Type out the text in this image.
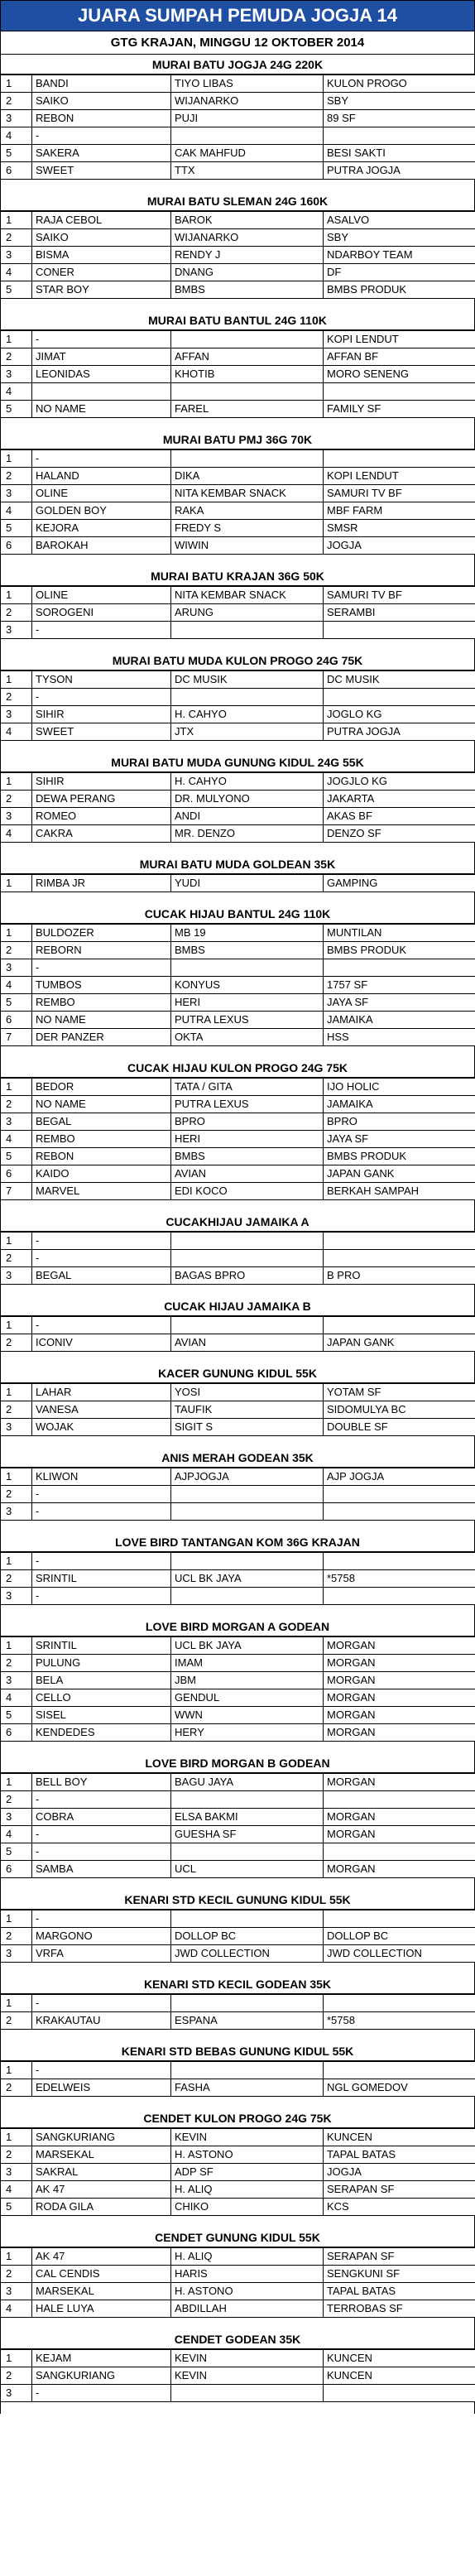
JUARA SUMPAH PEMUDA JOGJA 14
GTG KRAJAN, MINGGU 12 OKTOBER 2014
MURAI BATU JOGJA 24G 220K
1	BANDI	TIYO LIBAS	KULON PROGO
2	SAIKO	WIJANARKO	SBY
3	REBON	PUJI	89 SF
4	-		
5	SAKERA	CAK MAHFUD	BESI SAKTI
6	SWEET	TTX	PUTRA JOGJA
MURAI BATU SLEMAN 24G 160K
1	RAJA CEBOL	BAROK	ASALVO
2	SAIKO	WIJANARKO	SBY
3	BISMA	RENDY J	NDARBOY TEAM
4	CONER	DNANG	DF
5	STAR BOY	BMBS	BMBS PRODUK
MURAI BATU BANTUL 24G 110K
1	-		KOPI LENDUT
2	JIMAT	AFFAN	AFFAN BF
3	LEONIDAS	KHOTIB	MORO SENENG
4			
5	NO NAME	FAREL	FAMILY SF
MURAI BATU PMJ 36G 70K
1	-		
2	HALAND	DIKA	KOPI LENDUT
3	OLINE	NITA KEMBAR SNACK	SAMURI TV BF
4	GOLDEN BOY	RAKA	MBF FARM
5	KEJORA	FREDY S	SMSR
6	BAROKAH	WIWIN	JOGJA
MURAI BATU KRAJAN 36G 50K
1	OLINE	NITA KEMBAR SNACK	SAMURI TV BF
2	SOROGENI	ARUNG	SERAMBI
3	-		
MURAI BATU MUDA KULON PROGO 24G 75K
1	TYSON	DC MUSIK	DC MUSIK
2	-		
3	SIHIR	H. CAHYO	JOGLO KG
4	SWEET	JTX	PUTRA JOGJA
MURAI BATU MUDA GUNUNG KIDUL 24G 55K
1	SIHIR	H. CAHYO	JOGJLO KG
2	DEWA PERANG	DR. MULYONO	JAKARTA
3	ROMEO	ANDI	AKAS BF
4	CAKRA	MR. DENZO	DENZO SF
MURAI BATU MUDA GOLDEAN 35K
1	RIMBA JR	YUDI	GAMPING
CUCAK HIJAU BANTUL 24G 110K
1	BULDOZER	MB 19	MUNTILAN
2	REBORN	BMBS	BMBS PRODUK
3	-		
4	TUMBOS	KONYUS	1757 SF
5	REMBO	HERI	JAYA SF
6	NO NAME	PUTRA LEXUS	JAMAIKA
7	DER PANZER	OKTA	HSS
CUCAK HIJAU KULON PROGO 24G 75K
1	BEDOR	TATA / GITA	IJO HOLIC
2	NO NAME	PUTRA LEXUS	JAMAIKA
3	BEGAL	BPRO	BPRO
4	REMBO	HERI	JAYA SF
5	REBON	BMBS	BMBS PRODUK
6	KAIDO	AVIAN	JAPAN GANK
7	MARVEL	EDI KOCO	BERKAH SAMPAH
CUCAKHIJAU JAMAIKA A
1	-		
2	-		
3	BEGAL	BAGAS BPRO	B PRO
CUCAK HIJAU JAMAIKA B
1	-		
2	ICONIV	AVIAN	JAPAN GANK
KACER GUNUNG KIDUL 55K
1	LAHAR	YOSI	YOTAM SF
2	VANESA	TAUFIK	SIDOMULYA BC
3	WOJAK	SIGIT S	DOUBLE SF
ANIS MERAH GODEAN 35K
1	KLIWON	AJPJOGJA	AJP JOGJA
2	-		
3	-		
LOVE BIRD TANTANGAN KOM 36G KRAJAN
1	-		
2	SRINTIL	UCL BK JAYA	*5758
3	-		
LOVE BIRD MORGAN A GODEAN
1	SRINTIL	UCL BK JAYA	MORGAN
2	PULUNG	IMAM	MORGAN
3	BELA	JBM	MORGAN
4	CELLO	GENDUL	MORGAN
5	SISEL	WWN	MORGAN
6	KENDEDES	HERY	MORGAN
LOVE BIRD MORGAN B GODEAN
1	BELL BOY	BAGU JAYA	MORGAN
2	-		
3	COBRA	ELSA BAKMI	MORGAN
4	-	GUESHA SF	MORGAN
5	-		
6	SAMBA	UCL	MORGAN
KENARI STD KECIL GUNUNG KIDUL 55K
1	-		
2	MARGONO	DOLLOP BC	DOLLOP BC
3	VRFA	JWD COLLECTION	JWD COLLECTION
KENARI STD KECIL GODEAN 35K
1	-		
2	KRAKAUTAU	ESPANA	*5758
KENARI STD BEBAS GUNUNG KIDUL 55K
1	-		
2	EDELWEIS	FASHA	NGL GOMEDOV
CENDET KULON PROGO 24G 75K
1	SANGKURIANG	KEVIN	KUNCEN
2	MARSEKAL	H. ASTONO	TAPAL BATAS
3	SAKRAL	ADP SF	JOGJA
4	AK 47	H. ALIQ	SERAPAN SF
5	RODA GILA	CHIKO	KCS
CENDET GUNUNG KIDUL 55K
1	AK 47	H. ALIQ	SERAPAN SF
2	CAL CENDIS	HARIS	SENGKUNI SF
3	MARSEKAL	H. ASTONO	TAPAL BATAS
4	HALE LUYA	ABDILLAH	TERROBAS SF
CENDET GODEAN 35K
1	KEJAM	KEVIN	KUNCEN
2	SANGKURIANG	KEVIN	KUNCEN
3	-		
